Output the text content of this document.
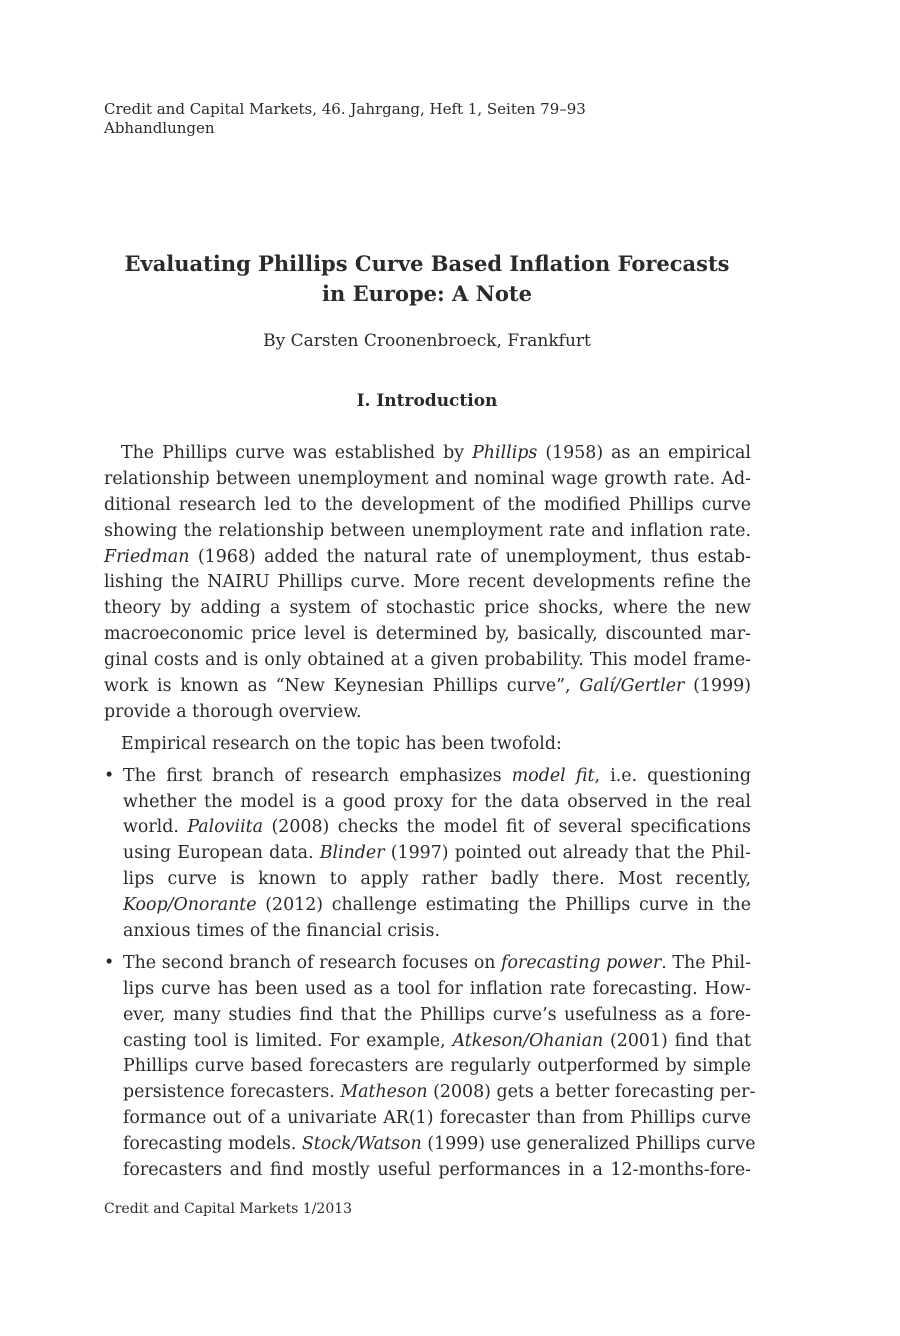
Credit and Capital Markets, 46. Jahrgang, Heft 1, Seiten 79–93
Abhandlungen
Evaluating Phillips Curve Based Inflation Forecasts
in Europe: A Note
By Carsten Croonenbroeck, Frankfurt
I. Introduction
The Phillips curve was established by Phillips (1958) as an empirical
relationship between unemployment and nominal wage growth rate. Ad-
ditional research led to the development of the modified Phillips curve
showing the relationship between unemployment rate and inflation rate.
Friedman (1968) added the natural rate of unemployment, thus estab-
lishing the NAIRU Phillips curve. More recent developments refine the
theory by adding a system of stochastic price shocks, where the new
macroeconomic price level is determined by, basically, discounted mar-
ginal costs and is only obtained at a given probability. This model frame-
work is known as “New Keynesian Phillips curve”, Galí/Gertler (1999)
provide a thorough overview.
Empirical research on the topic has been twofold:
• The first branch of research emphasizes model fit, i.e. questioning
whether the model is a good proxy for the data observed in the real
world. Paloviita (2008) checks the model fit of several specifications
using European data. Blinder (1997) pointed out already that the Phil-
lips curve is known to apply rather badly there. Most recently,
Koop/Onorante (2012) challenge estimating the Phillips curve in the
anxious times of the financial crisis.
• The second branch of research focuses on forecasting power. The Phil-
lips curve has been used as a tool for inflation rate forecasting. How-
ever, many studies find that the Phillips curve’s usefulness as a fore-
casting tool is limited. For example, Atkeson/Ohanian (2001) find that
Phillips curve based forecasters are regularly outperformed by simple
persistence forecasters. Matheson (2008) gets a better forecasting per-
formance out of a univariate AR(1) forecaster than from Phillips curve
forecasting models. Stock/Watson (1999) use generalized Phillips curve
forecasters and find mostly useful performances in a 12-months-fore-
Credit and Capital Markets 1/2013
